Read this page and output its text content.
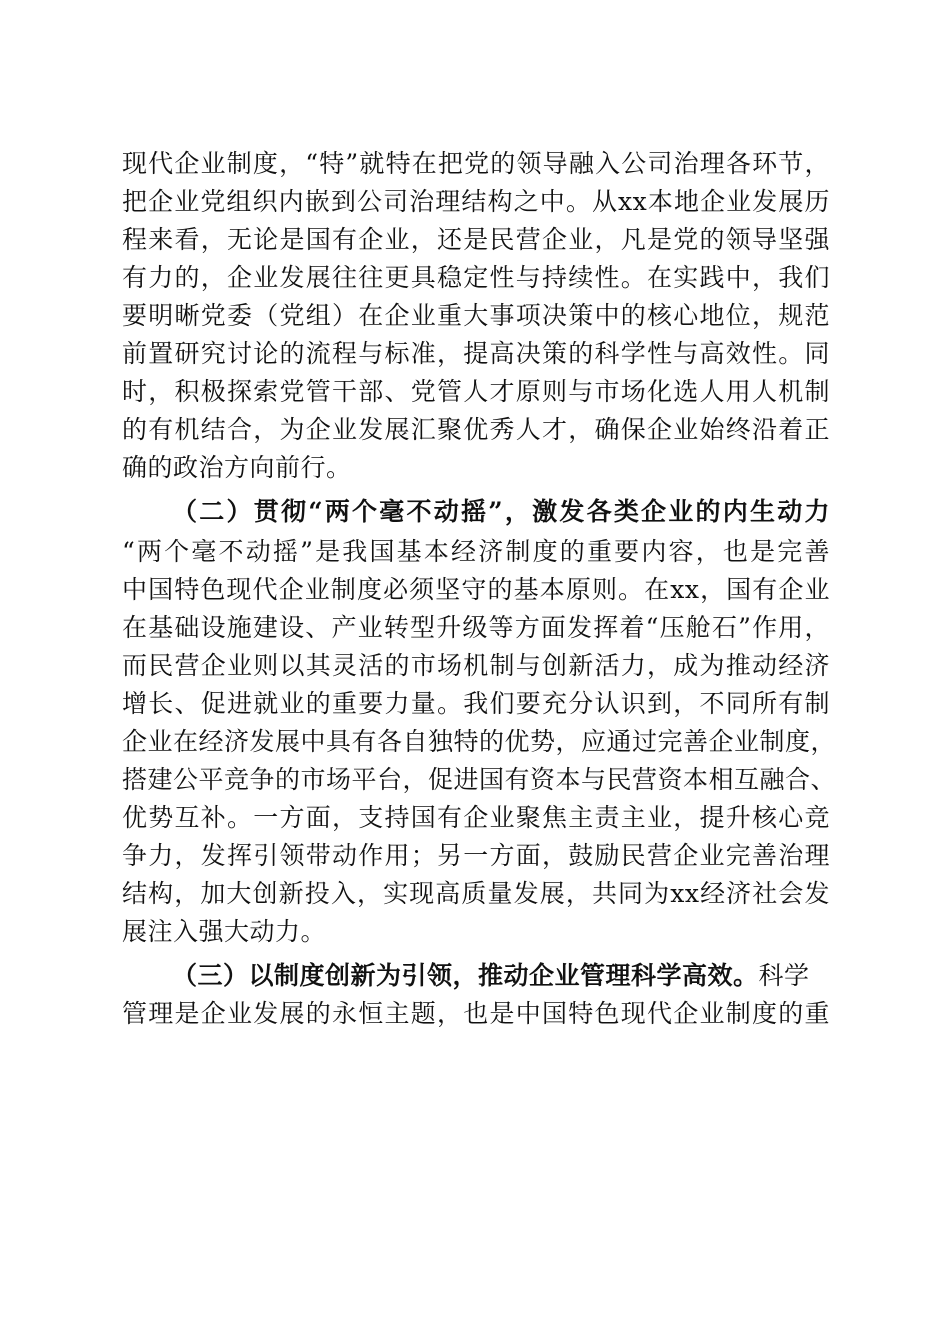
现代企业制度，“特”就特在把党的领导融入公司治理各环节，
把企业党组织内嵌到公司治理结构之中。从xx本地企业发展历
程来看，无论是国有企业，还是民营企业，凡是党的领导坚强
有力的，企业发展往往更具稳定性与持续性。在实践中，我们
要明晰党委（党组）在企业重大事项决策中的核心地位，规范
前置研究讨论的流程与标准，提高决策的科学性与高效性。同
时，积极探索党管干部、党管人才原则与市场化选人用人机制
的有机结合，为企业发展汇聚优秀人才，确保企业始终沿着正
确的政治方向前行。
（二）贯彻“两个毫不动摇”，激发各类企业的内生动力
“两个毫不动摇”是我国基本经济制度的重要内容，也是完善
中国特色现代企业制度必须坚守的基本原则。在xx，国有企业
在基础设施建设、产业转型升级等方面发挥着“压舱石”作用，
而民营企业则以其灵活的市场机制与创新活力，成为推动经济
增长、促进就业的重要力量。我们要充分认识到，不同所有制
企业在经济发展中具有各自独特的优势，应通过完善企业制度，
搭建公平竞争的市场平台，促进国有资本与民营资本相互融合、
优势互补。一方面，支持国有企业聚焦主责主业，提升核心竞
争力，发挥引领带动作用；另一方面，鼓励民营企业完善治理
结构，加大创新投入，实现高质量发展，共同为xx经济社会发
展注入强大动力。
（三）以制度创新为引领，推动企业管理科学高效。科学
管理是企业发展的永恒主题，也是中国特色现代企业制度的重
